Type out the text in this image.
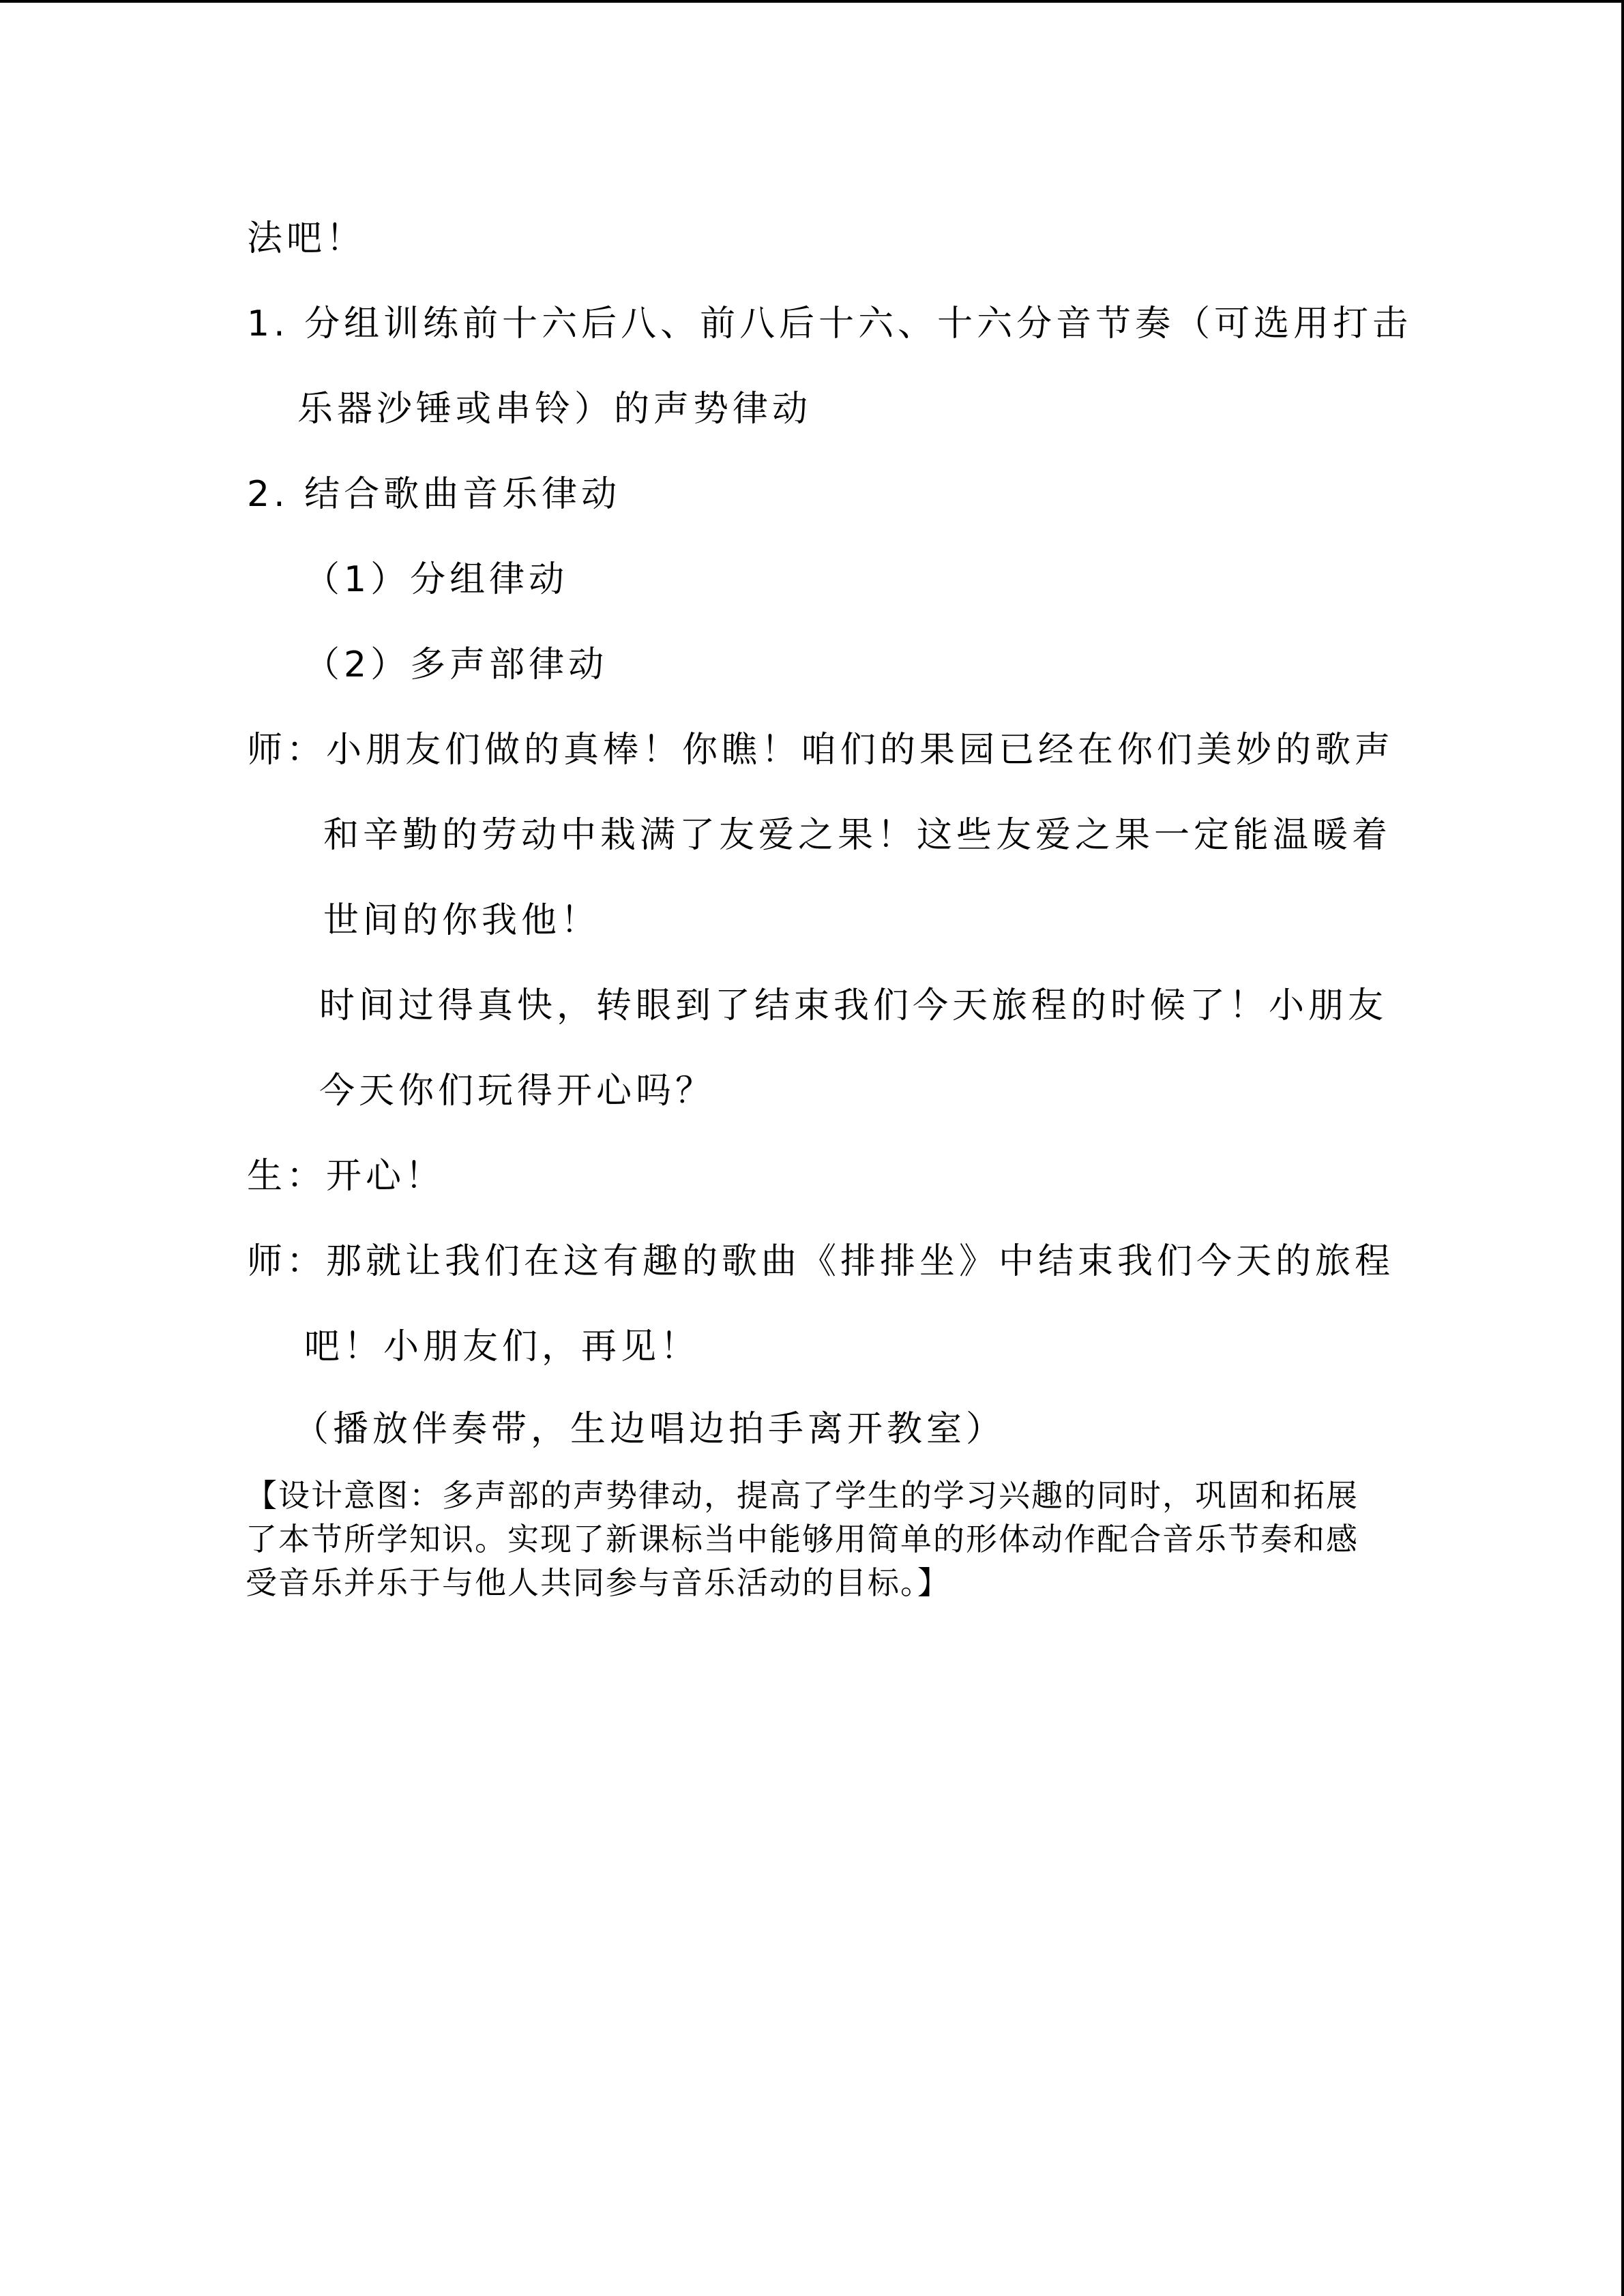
法吧！
1. 分组训练前十六后八、前八后十六、十六分音节奏（可选用打击
乐器沙锤或串铃）的声势律动
2. 结合歌曲音乐律动
（1）分组律动
（2）多声部律动
师：小朋友们做的真棒！你瞧！咱们的果园已经在你们美妙的歌声
和辛勤的劳动中栽满了友爱之果！这些友爱之果一定能温暖着
世间的你我他！
时间过得真快，转眼到了结束我们今天旅程的时候了！小朋友
今天你们玩得开心吗？
生：开心！
师：那就让我们在这有趣的歌曲《排排坐》中结束我们今天的旅程
吧！小朋友们，再见！
（播放伴奏带，生边唱边拍手离开教室）
【设计意图：多声部的声势律动，提高了学生的学习兴趣的同时，巩固和拓展
了本节所学知识。实现了新课标当中能够用简单的形体动作配合音乐节奏和感
受音乐并乐于与他人共同参与音乐活动的目标。】
